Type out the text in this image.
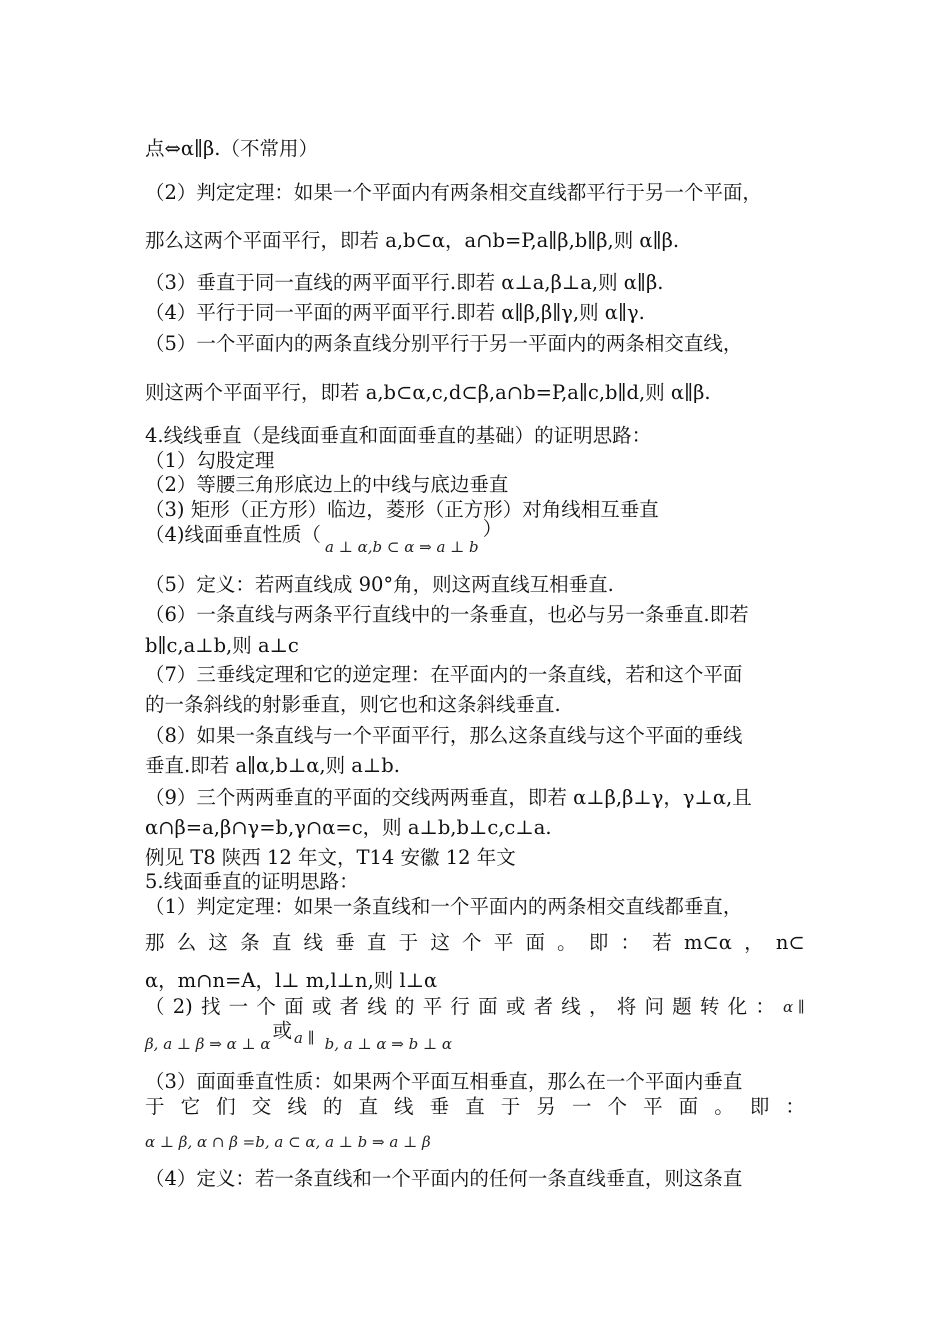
点⇔α∥β.（不常用）
（2）判定定理：如果一个平面内有两条相交直线都平行于另一个平面，
那么这两个平面平行，即若 a,b⊂α，a∩b=P,a∥β,b∥β,则 α∥β.
（3）垂直于同一直线的两平面平行.即若 α⊥a,β⊥a,则 α∥β.
（4）平行于同一平面的两平面平行.即若 α∥β,β∥γ,则 α∥γ.
（5）一个平面内的两条直线分别平行于另一平面内的两条相交直线，
则这两个平面平行，即若 a,b⊂α,c,d⊂β,a∩b=P,a∥c,b∥d,则 α∥β.
4.线线垂直（是线面垂直和面面垂直的基础）的证明思路：
（1）勾股定理
（2）等腰三角形底边上的中线与底边垂直
（3) 矩形（正方形）临边，菱形（正方形）对角线相互垂直
（4)线面垂直性质$(_{a \perp \alpha,b \subset \alpha \Rightarrow a \perp b})$
（5）定义：若两直线成 90°角，则这两直线互相垂直.
（6）一条直线与两条平行直线中的一条垂直，也必与另一条垂直.即若
b∥c,a⊥b,则 a⊥c
（7）三垂线定理和它的逆定理：在平面内的一条直线，若和这个平面
的一条斜线的射影垂直，则它也和这条斜线垂直.
（8）如果一条直线与一个平面平行，那么这条直线与这个平面的垂线
垂直.即若 a∥α,b⊥α,则 a⊥b.
（9）三个两两垂直的平面的交线两两垂直，即若 α⊥β,β⊥γ，γ⊥α,且
α∩β=a,β∩γ=b,γ∩α=c，则 a⊥b,b⊥c,c⊥a.
例见 T8 陕西 12 年文，T14 安徽 12 年文
5.线面垂直的证明思路：
（1）判定定理：如果一条直线和一个平面内的两条相交直线都垂直，
那 么 这 条 直 线 垂 直 于 这 个 平 面 。 即 ： 若 m⊂α ， n⊂
α，m∩n=A，l⊥ m,l⊥n,则 l⊥α
（ 2) 找 一 个 面 或 者 线 的 平 行 面 或 者 线 ， 将 问 题 转 化 ： α ∥
$_{\beta, a \perp \beta \Rightarrow \alpha \perp \alpha}$或 a ∥ $_{b, a \perp \alpha \Rightarrow b \perp \alpha}$
（3）面面垂直性质：如果两个平面互相垂直，那么在一个平面内垂直
于 它 们 交 线 的 直 线 垂 直 于 另 一 个 平 面 。 即 ：
α ⊥ β, α ∩ β =b, a ⊂ α, a ⊥ b ⇒ a ⊥ β
（4）定义：若一条直线和一个平面内的任何一条直线垂直，则这条直
